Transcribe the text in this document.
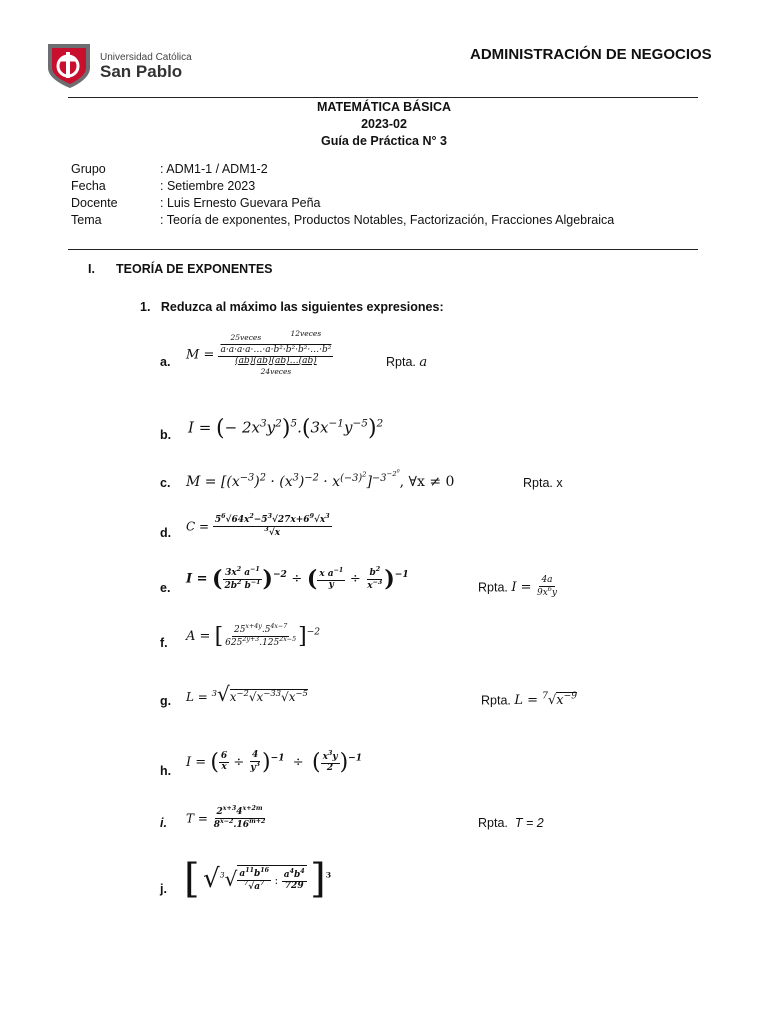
Universidad Católica
San Pablo
ADMINISTRACIÓN DE NEGOCIOS
MATEMÁTICA BÁSICA
2023-02
Guía de Práctica N° 3
Grupo	: ADM1-1 / ADM1-2
Fecha	: Setiembre 2023
Docente	: Luis Ernesto Guevara Peña
Tema	: Teoría de exponentes, Productos Notables, Factorización, Fracciones Algebraica
I. TEORÍA DE EXPONENTES
1. Reduzca al máximo las siguientes expresiones:
a. M =
25veces	12veces
a·a·a·a·…·a·b²·b²·b²·…·b²
(ab)(ab)(ab)…(ab)
24veces
Rpta. a
b. I = (− $2x^3y^2)^5.(3x^{-1}y^{-5})^2$
c. $M = [(x^{-3})^2 \cdot (x^3)^{-2} \cdot x^{(-3)^2}]^{-3^{-2^0}}$, ∀x ≠ 0	Rpta. x
d. $C = \frac{5^6√64x^2-5^3√27x+6^9√x^3}{^3√x}$
e.
I = ( $\frac{3x^2 a^{-1}}{2b^2 b^{-1}} )^{-2}$ ÷ ( $\frac{x a^{-1}}{y} \div \frac{b^2}{x^{-3}} )^{-1}$
Rpta. $I = \frac{4a}{9x^6y}$
f. A = [ $\frac{25^{x+4y}.5^{4x-7}}{625^{2y+3}.125^{2x-5}} ]^{-2}$
g. $L = ^3√x^{-2}√x^{-33}√x^{-5}$
Rpta. $L = ^7√x^{-9}$
h.
I = ( $\frac{6}{x} \div \frac{4}{y^3} )^{-1}$ ÷ ( $\frac{x^3y}{2} )^{-1}$
i. $T = \frac{2^{x+3}4^{x+2m}}{8^{x-2}.16^{m+2}}$	Rpta. T = 2
j. [ $√^3√ \frac{a^{11}b^{16}}{^7√a^7}$ : $\frac{a^4b^4}{729} ]^3$
